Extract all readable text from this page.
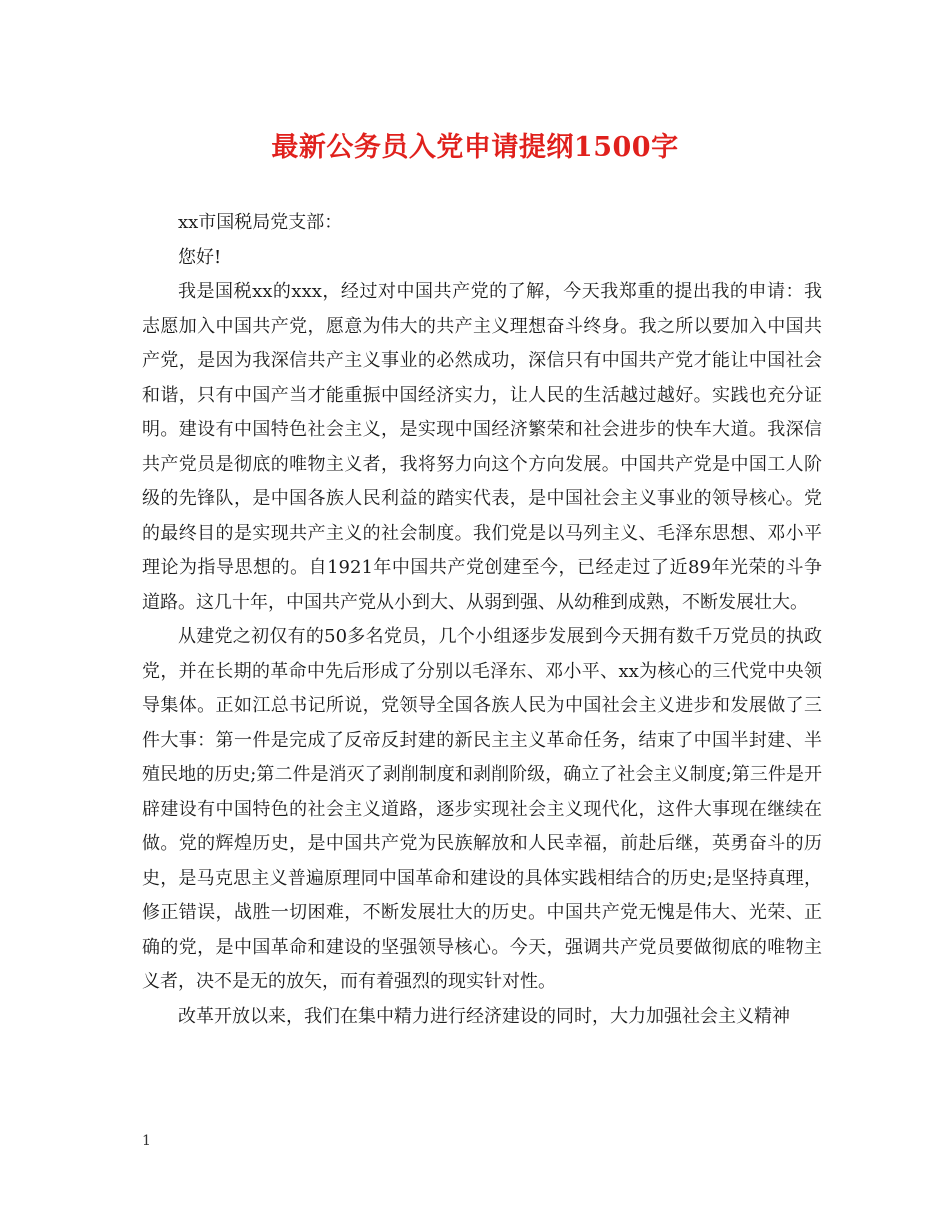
最新公务员入党申请提纲1500字

xx市国税局党支部：

您好!

我是国税xx的xxx，经过对中国共产党的了解，今天我郑重的提出我的申请：我志愿加入中国共产党，愿意为伟大的共产主义理想奋斗终身。我之所以要加入中国共产党，是因为我深信共产主义事业的必然成功，深信只有中国共产党才能让中国社会和谐，只有中国产当才能重振中国经济实力，让人民的生活越过越好。实践也充分证明。建设有中国特色社会主义，是实现中国经济繁荣和社会进步的快车大道。我深信共产党员是彻底的唯物主义者，我将努力向这个方向发展。中国共产党是中国工人阶级的先锋队，是中国各族人民利益的踏实代表，是中国社会主义事业的领导核心。党的最终目的是实现共产主义的社会制度。我们党是以马列主义、毛泽东思想、邓小平理论为指导思想的。自1921年中国共产党创建至今，已经走过了近89年光荣的斗争道路。这几十年，中国共产党从小到大、从弱到强、从幼稚到成熟，不断发展壮大。

从建党之初仅有的50多名党员，几个小组逐步发展到今天拥有数千万党员的执政党，并在长期的革命中先后形成了分别以毛泽东、邓小平、xx为核心的三代党中央领导集体。正如江总书记所说，党领导全国各族人民为中国社会主义进步和发展做了三件大事：第一件是完成了反帝反封建的新民主主义革命任务，结束了中国半封建、半殖民地的历史;第二件是消灭了剥削制度和剥削阶级，确立了社会主义制度;第三件是开辟建设有中国特色的社会主义道路，逐步实现社会主义现代化，这件大事现在继续在做。党的辉煌历史，是中国共产党为民族解放和人民幸福，前赴后继，英勇奋斗的历史，是马克思主义普遍原理同中国革命和建设的具体实践相结合的历史;是坚持真理，修正错误，战胜一切困难，不断发展壮大的历史。中国共产党无愧是伟大、光荣、正确的党，是中国革命和建设的坚强领导核心。今天，强调共产党员要做彻底的唯物主义者，决不是无的放矢，而有着强烈的现实针对性。

改革开放以来，我们在集中精力进行经济建设的同时，大力加强社会主义精神

1
